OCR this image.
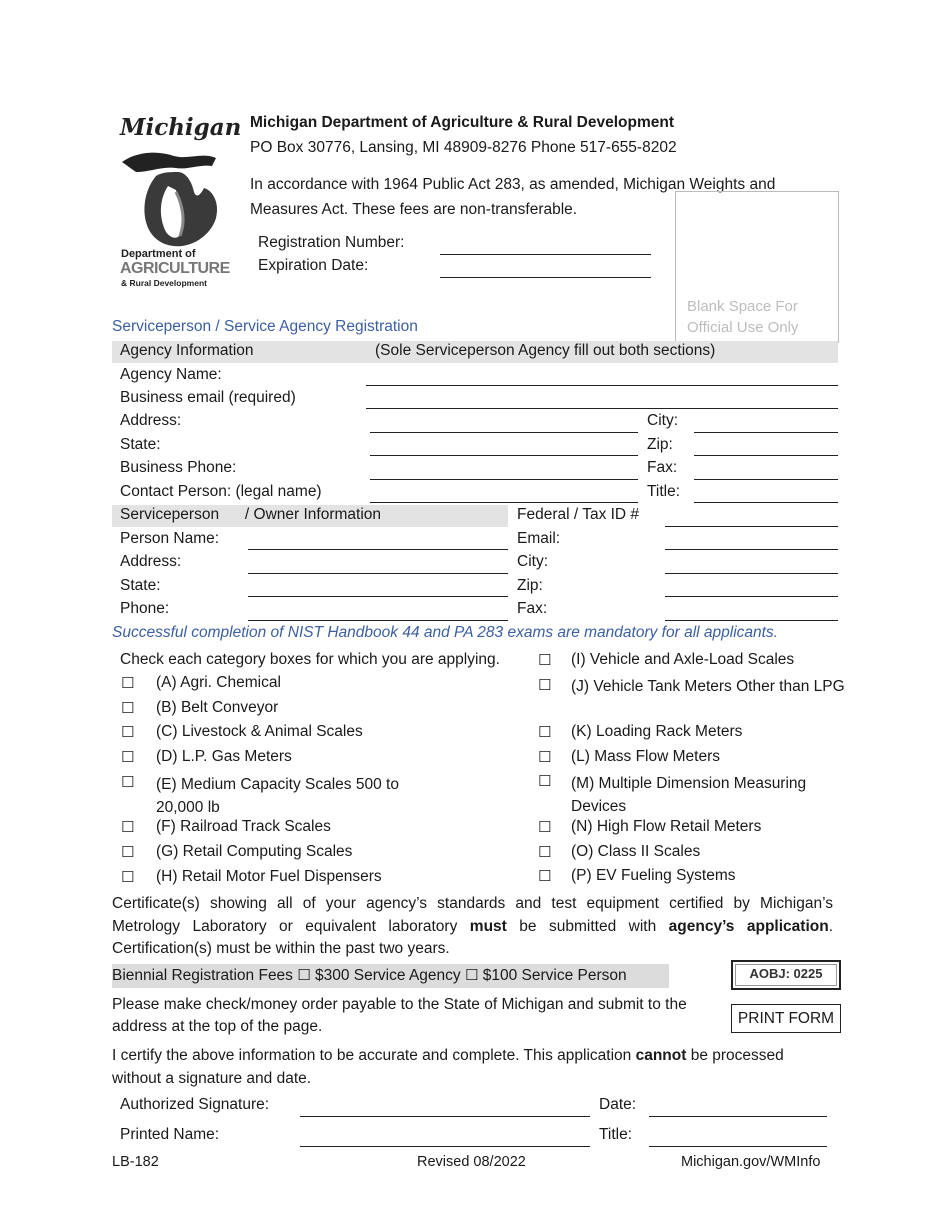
Michigan
Department of
AGRICULTURE
& Rural Development
Michigan Department of Agriculture & Rural Development
PO Box 30776, Lansing, MI 48909-8276 Phone 517-655-8202
In accordance with 1964 Public Act 283, as amended, Michigan Weights and Measures Act. These fees are non-transferable.
Registration Number:
Expiration Date:
Blank Space For Official Use Only
Serviceperson / Service Agency Registration
Agency Information	(Sole Serviceperson Agency fill out both sections)
Agency Name:
Business email (required)
Address:	City:
State:	Zip:
Business Phone:	Fax:
Contact Person: (legal name)	Title:
Serviceperson      / Owner Information	Federal / Tax ID #
Person Name:	Email:
Address:	City:
State:	Zip:
Phone:	Fax:
Successful completion of NIST Handbook 44 and PA 283 exams are mandatory for all applicants.
Check each category boxes for which you are applying.
☐ (A) Agri. Chemical
☐ (B) Belt Conveyor
☐ (C) Livestock & Animal Scales
☐ (D) L.P. Gas Meters
☐ (E) Medium Capacity Scales 500 to 20,000 lb
☐ (F) Railroad Track Scales
☐ (G) Retail Computing Scales
☐ (H) Retail Motor Fuel Dispensers
☐ (I) Vehicle and Axle-Load Scales
☐ (J) Vehicle Tank Meters Other than LPG
☐ (K) Loading Rack Meters
☐ (L) Mass Flow Meters
☐ (M) Multiple Dimension Measuring Devices
☐ (N) High Flow Retail Meters
☐ (O) Class II Scales
☐ (P) EV Fueling Systems
Certificate(s) showing all of your agency’s standards and test equipment certified by Michigan’s Metrology Laboratory or equivalent laboratory must be submitted with agency’s application. Certification(s) must be within the past two years.
Biennial Registration Fees ☐ $300 Service Agency ☐ $100 Service Person	AOBJ: 0225
Please make check/money order payable to the State of Michigan and submit to the address at the top of the page.	PRINT FORM
I certify the above information to be accurate and complete. This application cannot be processed without a signature and date.
Authorized Signature:	Date:
Printed Name:	Title:
LB-182	Revised 08/2022	Michigan.gov/WMInfo
